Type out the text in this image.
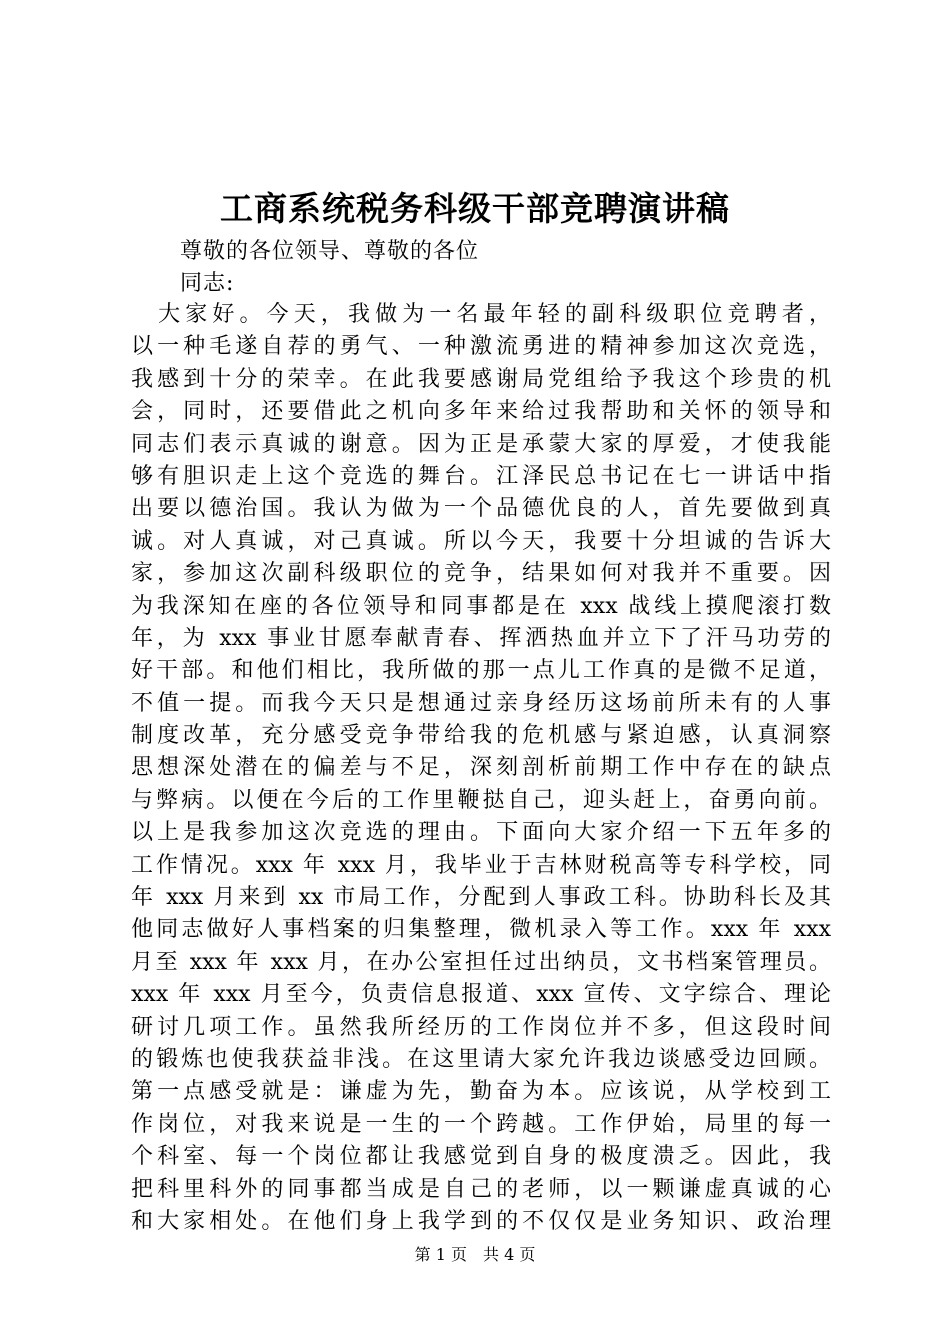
工商系统税务科级干部竞聘演讲稿
尊敬的各位领导、尊敬的各位
同志:
　大家好。今天，我做为一名最年轻的副科级职位竞聘者，
以一种毛遂自荐的勇气、一种激流勇进的精神参加这次竞选，
我感到十分的荣幸。在此我要感谢局党组给予我这个珍贵的机
会，同时，还要借此之机向多年来给过我帮助和关怀的领导和
同志们表示真诚的谢意。因为正是承蒙大家的厚爱，才使我能
够有胆识走上这个竞选的舞台。江泽民总书记在七一讲话中指
出要以德治国。我认为做为一个品德优良的人，首先要做到真
诚。对人真诚，对己真诚。所以今天，我要十分坦诚的告诉大
家，参加这次副科级职位的竞争，结果如何对我并不重要。因
为我深知在座的各位领导和同事都是在 xxx 战线上摸爬滚打数
年，为 xxx 事业甘愿奉献青春、挥洒热血并立下了汗马功劳的
好干部。和他们相比，我所做的那一点儿工作真的是微不足道，
不值一提。而我今天只是想通过亲身经历这场前所未有的人事
制度改革，充分感受竞争带给我的危机感与紧迫感，认真洞察
思想深处潜在的偏差与不足，深刻剖析前期工作中存在的缺点
与弊病。以便在今后的工作里鞭挞自己，迎头赶上，奋勇向前。
以上是我参加这次竞选的理由。下面向大家介绍一下五年多的
工作情况。xxx 年 xxx 月，我毕业于吉林财税高等专科学校，同
年 xxx 月来到 xx 市局工作，分配到人事政工科。协助科长及其
他同志做好人事档案的归集整理，微机录入等工作。xxx 年 xxx
月至 xxx 年 xxx 月，在办公室担任过出纳员，文书档案管理员。
xxx 年 xxx 月至今，负责信息报道、xxx 宣传、文字综合、理论
研讨几项工作。虽然我所经历的工作岗位并不多，但这段时间
的锻炼也使我获益非浅。在这里请大家允许我边谈感受边回顾。
第一点感受就是：谦虚为先，勤奋为本。应该说，从学校到工
作岗位，对我来说是一生的一个跨越。工作伊始，局里的每一
个科室、每一个岗位都让我感觉到自身的极度溃乏。因此，我
把科里科外的同事都当成是自己的老师，以一颗谦虚真诚的心
和大家相处。在他们身上我学到的不仅仅是业务知识、政治理
第 1 页　共 4 页
